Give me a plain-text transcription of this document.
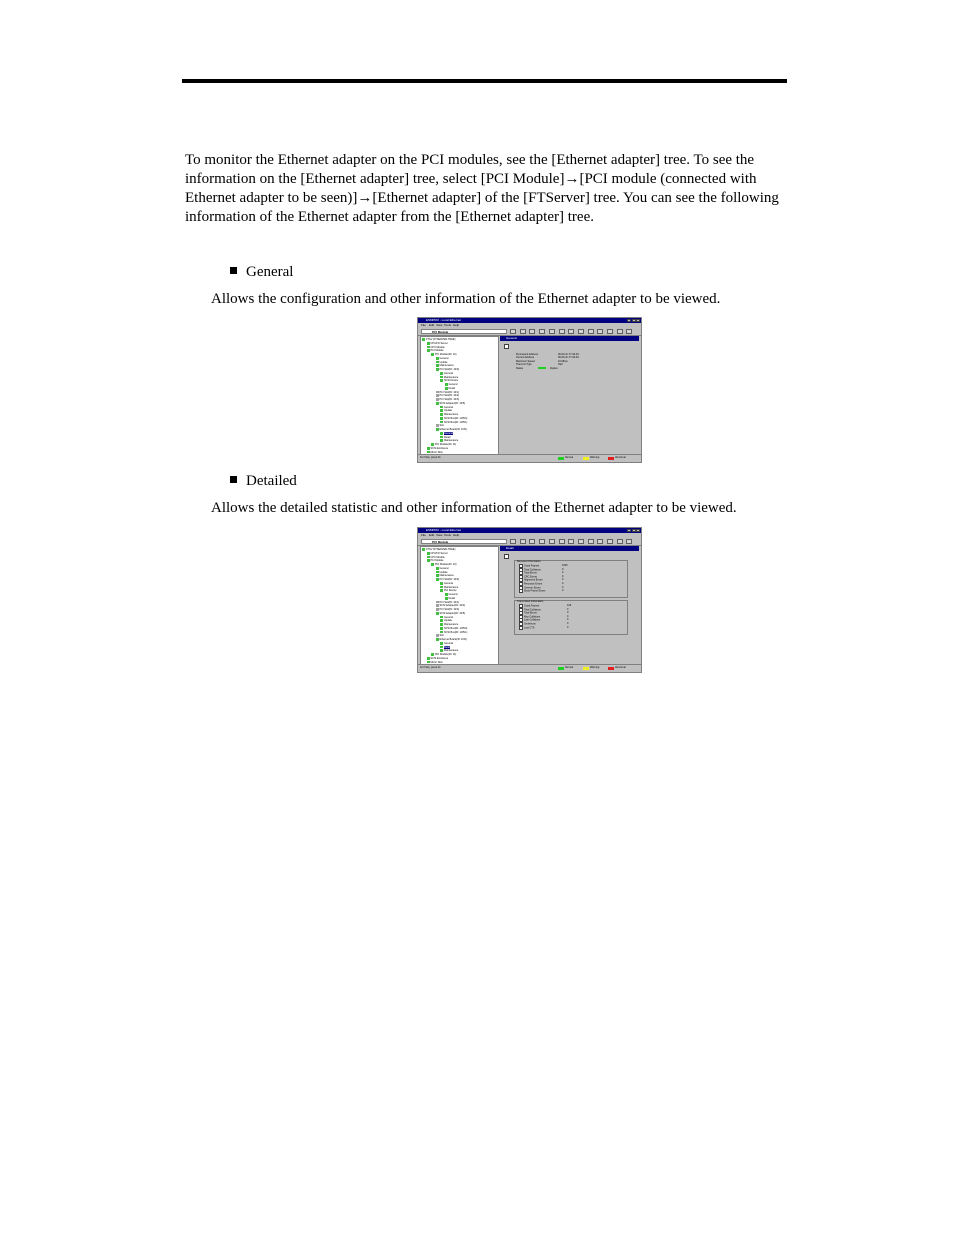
To monitor the Ethernet adapter on the PCI modules, see the [Ethernet adapter] tree. To see the information on the [Ethernet adapter] tree, select [PCI Module]→[PCI module (connected with Ethernet adapter to be seen)]→[Ethernet adapter] of the [FTServer] tree. You can see the following information of the Ethernet adapter from the [Ethernet adapter] tree.

General

Allows the configuration and other information of the Ethernet adapter to be viewed.

ESMPRO - Local Ethernet
File Edit View Tools Help
PCI Module
FTSV [FTSERVER-TREE]
CPU/I/O Server
CPU Module
PCI Module
PCI Module(ID: 10)
General
Update
Maintenance
PCI Slot(ID: 10/0)
General
Maintenance
SCSI Device
General
Detail
PCI Slot(ID: 10/1)
PCI Slot(ID: 10/2)
PCI Slot(ID: 10/3)
SCSI Adapter(ID: 10/5)
General
Update
Maintenance
SCSI Bus(ID: 10/5/0)
SCSI Bus(ID: 10/5/1)
Slot
Ethernet Board(ID: 10/6)
General
Detail
Maintenance
PCI Module(ID: 11)
SCSI Enclosure
Mirror Disk
General
Permanent Address	00-00-4c-77-00-03
Current Address	00-00-4c-77-00-03
Maximum Speed	10 Mbps
Transmit Type	Half
Status	Duplex
For Help, press F1	Normal	Warning	Abnormal
Detailed

Allows the detailed statistic and other information of the Ethernet adapter to be viewed.

ESMPRO - Local Ethernet
File Edit View Tools Help
PCI Module
FTSV [FTSERVER-TREE]
CPU/I/O Server
CPU Module
PCI Module
PCI Module(ID: 10)
General
Update
Maintenance
PCI Slot(ID: 10/0)
General
Maintenance
PCI Device
General
Detail
PCI Slot(ID: 10/1)
SCSI Adapter(ID: 10/2)
PCI Slot(ID: 10/3)
SCSI Adapter(ID: 10/5)
General
Update
Maintenance
SCSI Bus(ID: 10/5/0)
SCSI Bus(ID: 10/5/1)
Slot
Ethernet Board(ID: 10/6)
General
Detail
Maintenance
PCI Module(ID: 11)
SCSI Enclosure
Mirror Disk
Detail
Received Information
Good Frames	4315
Total Collisions	0
Total Errors	0
CRC Errors	0
Alignment Errors	0
Resource Errors	0
Overrun Errors	0
Short Frame Errors	0
Transmitted Information
Good Frames	126
Total Collisions	0
Total Errors	0
Max Collisions	0
Late Collisions	0
Underruns	0
Lost CTS	0
For Help, press F1	Normal	Warning	Abnormal
